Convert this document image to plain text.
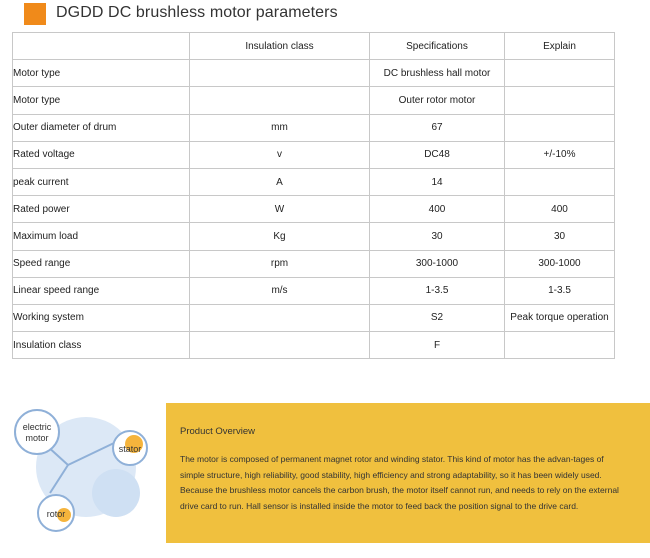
DGDD DC brushless motor parameters
	Insulation class	Specifications	Explain
Motor type		DC brushless hall motor	
Motor type		Outer rotor motor	
Outer diameter of drum	mm	67	
Rated voltage	v	DC48	+/-10%
peak current	A	14	
Rated power	W	400	400
Maximum load	Kg	30	30
Speed range	rpm	300-1000	300-1000
Linear speed range	m/s	1-3.5	1-3.5
Working system		S2	Peak torque operation
Insulation class		F	
electric
motor
stator
rotor
Product Overview

The motor is composed of permanent magnet rotor and winding stator. This kind of motor has the advan-tages of simple structure, high reliability, good stability, high efficiency and strong adaptability, so it has been widely used. Because the brushless motor cancels the carbon brush, the motor itself cannot run, and needs to rely on the external drive card to run. Hall sensor is installed inside the motor to feed back the position signal to the drive card.
